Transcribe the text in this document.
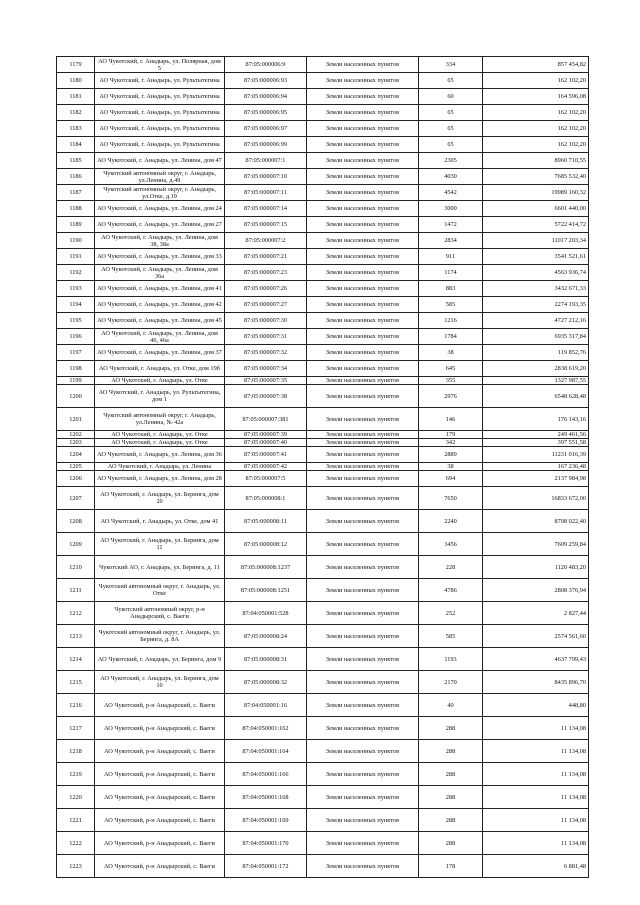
1179	АО Чукотский, г. Анадырь, ул. Полярная, дом 5	87:05:000006:9	Земли населенных пунктов	334	857 454,82
1180	АО Чукотский, г. Анадырь, ул. Рультытегина	87:05:000006:93	Земли населенных пунктов	65	162 102,20
1181	АО Чукотский, г. Анадырь, ул. Рультытегина	87:05:000006:94	Земли населенных пунктов	60	164 596,08
1182	АО Чукотский, г. Анадырь, ул. Рультытегина	87:05:000006:95	Земли населенных пунктов	65	162 102,20
1183	АО Чукотский, г. Анадырь, ул. Рультытегина	87:05:000006:97	Земли населенных пунктов	65	162 102,20
1184	АО Чукотский, г. Анадырь, ул. Рультытегина	87:05:000006:99	Земли населенных пунктов	65	162 102,20
1185	АО Чукотский, г. Анадырь, ул. Ленина, дом 47	87:05:000007:1	Земли населенных пунктов	2305	8960 710,55
1186	Чукотский автономный округ, г. Анадырь, ул.Ленина, д.49	87:05:000007:10	Земли населенных пунктов	4030	7685 532,40
1187	Чукотский автономный округ, г. Анадырь, ул.Отке, д.19	87:05:000007:11	Земли населенных пунктов	4542	19989 160,32
1188	АО Чукотский, г. Анадырь, ул. Ленина, дом 24	87:05:000007:14	Земли населенных пунктов	3000	6601 440,00
1189	АО Чукотский, г. Анадырь, ул. Ленина, дом 27	87:05:000007:15	Земли населенных пунктов	1472	5722 414,72
1190	АО Чукотский, г. Анадырь, ул. Ленина, дом 38, 38а	87:05:000007:2	Земли населенных пунктов	2834	11017 203,34
1191	АО Чукотский, г. Анадырь, ул. Ленина, дом 33	87:05:000007:21	Земли населенных пунктов	911	3541 521,61
1192	АО Чукотский, г. Анадырь, ул. Ленина, дом 36а	87:05:000007:23	Земли населенных пунктов	1174	4563 936,74
1193	АО Чукотский, г. Анадырь, ул. Ленина, дом 41	87:05:000007:26	Земли населенных пунктов	883	3432 671,33
1194	АО Чукотский, г. Анадырь, ул. Ленина, дом 42	87:05:000007:27	Земли населенных пунктов	585	2274 193,35
1195	АО Чукотский, г. Анадырь, ул. Ленина, дом 45	87:05:000007:30	Земли населенных пунктов	1216	4727 212,16
1196	АО Чукотский, г. Анадырь, ул. Ленина, дом 46, 46а	87:05:000007:31	Земли населенных пунктов	1784	6935 317,84
1197	АО Чукотский, г. Анадырь, ул. Ленина, дом 37	87:05:000007:32	Земли населенных пунктов	38	119 852,76
1198	АО Чукотский, г. Анадырь, ул. Отке, дом 19б	87:05:000007:34	Земли населенных пунктов	645	2838 619,20
1199	АО Чукотский, г. Анадырь, ул. Отке	87:05:000007:35	Земли населенных пунктов	355	1327 987,55
1200	АО Чукотский, г. Анадырь, ул. Рультытегина, дом 1	87:05:000007:38	Земли населенных пунктов	2976	6548 628,48
1201	Чукотский автономный округ, г. Анадырь, ул.Ленина, № 42а	87:05:000007:381	Земли населенных пунктов	146	176 143,16
1202	АО Чукотский, г. Анадырь, ул. Отке	87:05:000007:39	Земли населенных пунктов	179	249 461,56
1203	АО Чукотский, г. Анадырь, ул. Отке	87:05:000007:40	Земли населенных пунктов	342	397 551,58
1204	АО Чукотский, г. Анадырь, ул. Ленина, дом 36	87:05:000007:41	Земли населенных пунктов	2889	11231 016,39
1205	АО Чукотский, г. Анадырь, ул. Ленина	87:05:000007:42	Земли населенных пунктов	38	167 236,48
1206	АО Чукотский, г. Анадырь, ул. Ленина, дом 28	87:05:000007:5	Земли населенных пунктов	694	2137 984,98
1207	АО Чукотский, г. Анадырь, ул. Беринга, дом 20	87:05:000008:1	Земли населенных пунктов	7650	16833 672,00
1208	АО Чукотский, г. Анадырь, ул. Отке, дом 41	87:05:000008:11	Земли населенных пунктов	2240	8708 022,40
1209	АО Чукотский, г. Анадырь, ул. Беринга, дом 11	87:05:000008:12	Земли населенных пунктов	3456	7609 259,84
1210	Чукотский АО, г. Анадырь, ул. Беринга, д. 11	87:05:000008:1237	Земли населенных пунктов	228	1120 483,20
1211	Чукотский автономный округ, г. Анадырь, ул. Отке	87:05:000008:1251	Земли населенных пунктов	4786	2808 376,94
1212	Чукотский автономный округ, р-н Анадырский, с. Ваеги	87:04:050001:528	Земли населенных пунктов	252	2 827,44
1213	Чукотский автономный округ, г. Анадырь, ул. Беринга, д. 8А	87:05:000008:24	Земли населенных пунктов	585	2574 561,60
1214	АО Чукотский, г. Анадырь, ул. Беринга, дом 9	87:05:000008:31	Земли населенных пунктов	1193	4637 799,43
1215	АО Чукотский, г. Анадырь, ул. Беринга, дом 10	87:05:000008:32	Земли населенных пунктов	2170	8435 896,70
1216	АО Чукотский, р-н Анадырский, с. Ваеги	87:04:050001:16	Земли населенных пунктов	40	448,80
1217	АО Чукотский, р-н Анадырский, с. Ваеги	87:04:050001:162	Земли населенных пунктов	288	11 134,08
1218	АО Чукотский, р-н Анадырский, с. Ваеги	87:04:050001:164	Земли населенных пунктов	288	11 134,08
1219	АО Чукотский, р-н Анадырский, с. Ваеги	87:04:050001:166	Земли населенных пунктов	288	11 134,08
1220	АО Чукотский, р-н Анадырский, с. Ваеги	87:04:050001:168	Земли населенных пунктов	288	11 134,08
1221	АО Чукотский, р-н Анадырский, с. Ваеги	87:04:050001:169	Земли населенных пунктов	288	11 134,08
1222	АО Чукотский, р-н Анадырский, с. Ваеги	87:04:050001:170	Земли населенных пунктов	288	11 134,08
1223	АО Чукотский, р-н Анадырский, с. Ваеги	87:04:050001:172	Земли населенных пунктов	178	6 881,48
